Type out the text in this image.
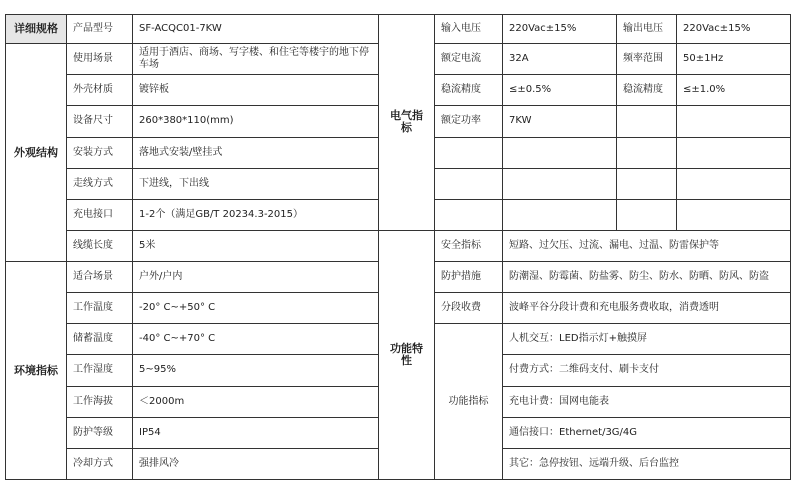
详细规格	产品型号	SF-ACQC01-7KW	电气指标	输入电压	220Vac±15%	输出电压	220Vac±15%
外观结构	使用场景	适用于酒店、商场、写字楼、和住宅等楼宇的地下停车场		额定电流	32A	频率范围	50±1Hz
	外壳材质	镀锌板		稳流精度	≤±0.5%	稳流精度	≤±1.0%
	设备尺寸	260*380*110(mm)		额定功率	7KW		
	安装方式	落地式安装/壁挂式					
	走线方式	下进线，下出线					
	充电接口	1-2个（满足GB/T 20234.3-2015）					
	线缆长度	5米	功能特性	安全指标	短路、过欠压、过流、漏电、过温、防雷保护等		
环境指标	适合场景	户外/户内		防护措施	防潮湿、防霉菌、防盐雾、防尘、防水、防晒、防风、防盗		
	工作温度	-20° C~+50° C		分段收费	波峰平谷分段计费和充电服务费收取，消费透明		
	储蓄温度	-40° C~+70° C		功能指标	人机交互：LED指示灯+触摸屏		
	工作湿度	5~95%			付费方式：二维码支付、刷卡支付		
	工作海拔	＜2000m			充电计费：国网电能表		
	防护等级	IP54			通信接口：Ethernet/3G/4G		
	冷却方式	强排风冷			其它：急停按钮、远端升级、后台监控		
